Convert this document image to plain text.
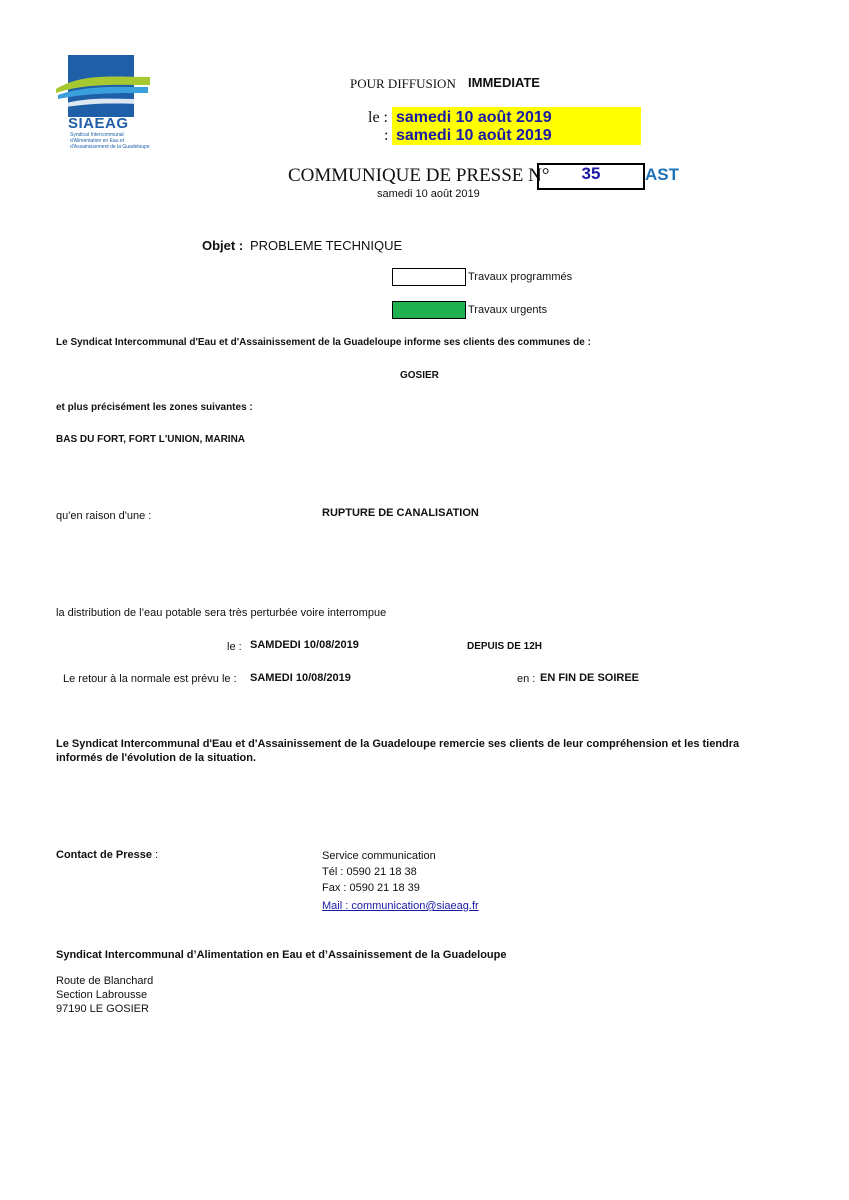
SIAEAG
Syndicat Intercommunal
d'Alimentation en Eau et
d'Assainissement de la Guadeloupe
POUR DIFFUSION IMMEDIATE
le : samedi 10 août 2019
: samedi 10 août 2019
COMMUNIQUE DE PRESSE N°	35	AST
samedi 10 août 2019
Objet : PROBLEME TECHNIQUE
Travaux programmés
Travaux urgents
Le Syndicat Intercommunal d'Eau et d'Assainissement de la Guadeloupe informe ses clients des communes de :
GOSIER
et plus précisément les zones suivantes :
BAS DU FORT, FORT L'UNION, MARINA
qu'en raison d'une :	RUPTURE DE CANALISATION
la distribution de l’eau potable sera très perturbée voire interrompue
le : SAMDEDI 10/08/2019	DEPUIS DE 12H
Le retour à la normale est prévu le : SAMEDI 10/08/2019	en : EN FIN DE SOIREE
Le Syndicat Intercommunal d'Eau et d'Assainissement de la Guadeloupe remercie ses clients de leur compréhension et les tiendra
informés de l'évolution de la situation.
Contact de Presse :	Service communication
Tél : 0590 21 18 38
Fax : 0590 21 18 39
Mail : communication@siaeag.fr
Syndicat Intercommunal d’Alimentation en Eau et d’Assainissement de la Guadeloupe
Route de Blanchard
Section Labrousse
97190 LE GOSIER
